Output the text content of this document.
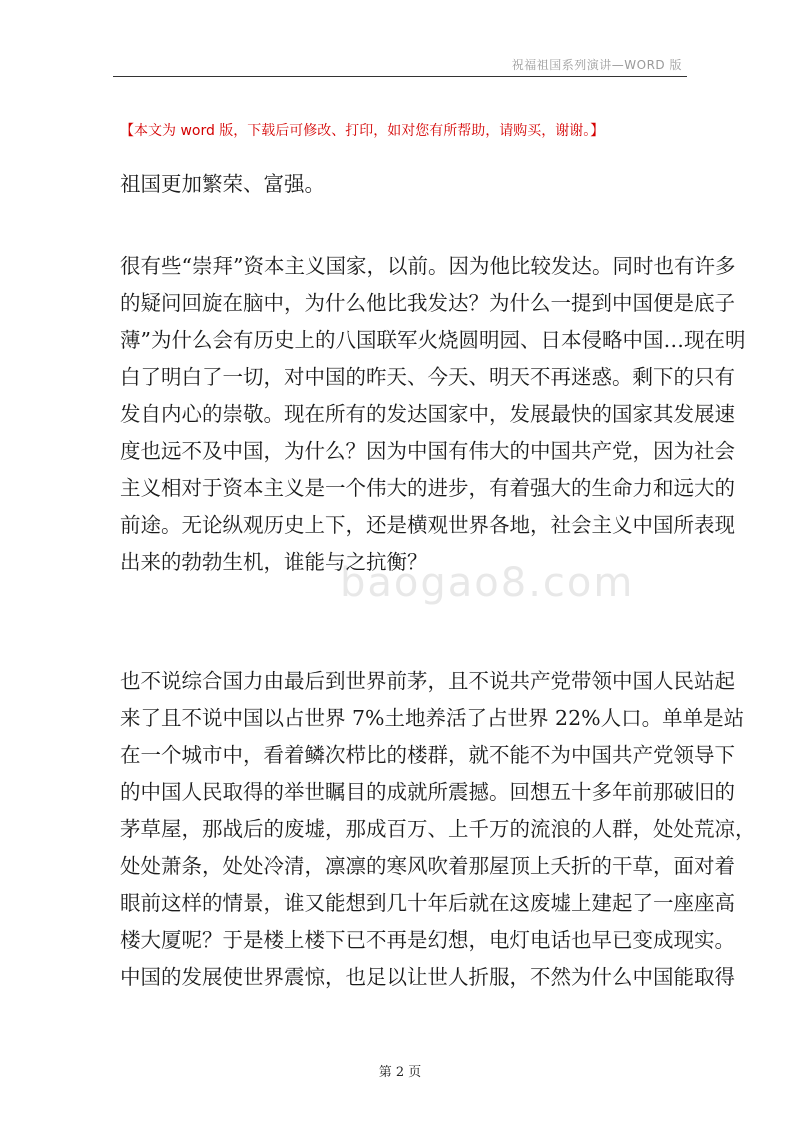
祝福祖国系列演讲—WORD 版
【本文为 word 版，下载后可修改、打印，如对您有所帮助，请购买，谢谢。】
祖国更加繁荣、富强。
很有些“崇拜”资本主义国家，以前。因为他比较发达。同时也有许多
的疑问回旋在脑中，为什么他比我发达？为什么一提到中国便是底子
薄”为什么会有历史上的八国联军火烧圆明园、日本侵略中国…现在明
白了明白了一切，对中国的昨天、今天、明天不再迷惑。剩下的只有
发自内心的崇敬。现在所有的发达国家中，发展最快的国家其发展速
度也远不及中国，为什么？因为中国有伟大的中国共产党，因为社会
主义相对于资本主义是一个伟大的进步，有着强大的生命力和远大的
前途。无论纵观历史上下，还是横观世界各地，社会主义中国所表现
出来的勃勃生机，谁能与之抗衡？
baogao8.com
也不说综合国力由最后到世界前茅，且不说共产党带领中国人民站起
来了且不说中国以占世界 7%土地养活了占世界 22%人口。单单是站
在一个城市中，看着鳞次栉比的楼群，就不能不为中国共产党领导下
的中国人民取得的举世瞩目的成就所震撼。回想五十多年前那破旧的
茅草屋，那战后的废墟，那成百万、上千万的流浪的人群，处处荒凉，
处处萧条，处处冷清，凛凛的寒风吹着那屋顶上夭折的干草，面对着
眼前这样的情景，谁又能想到几十年后就在这废墟上建起了一座座高
楼大厦呢？于是楼上楼下已不再是幻想，电灯电话也早已变成现实。
中国的发展使世界震惊，也足以让世人折服，不然为什么中国能取得
第 2 页
